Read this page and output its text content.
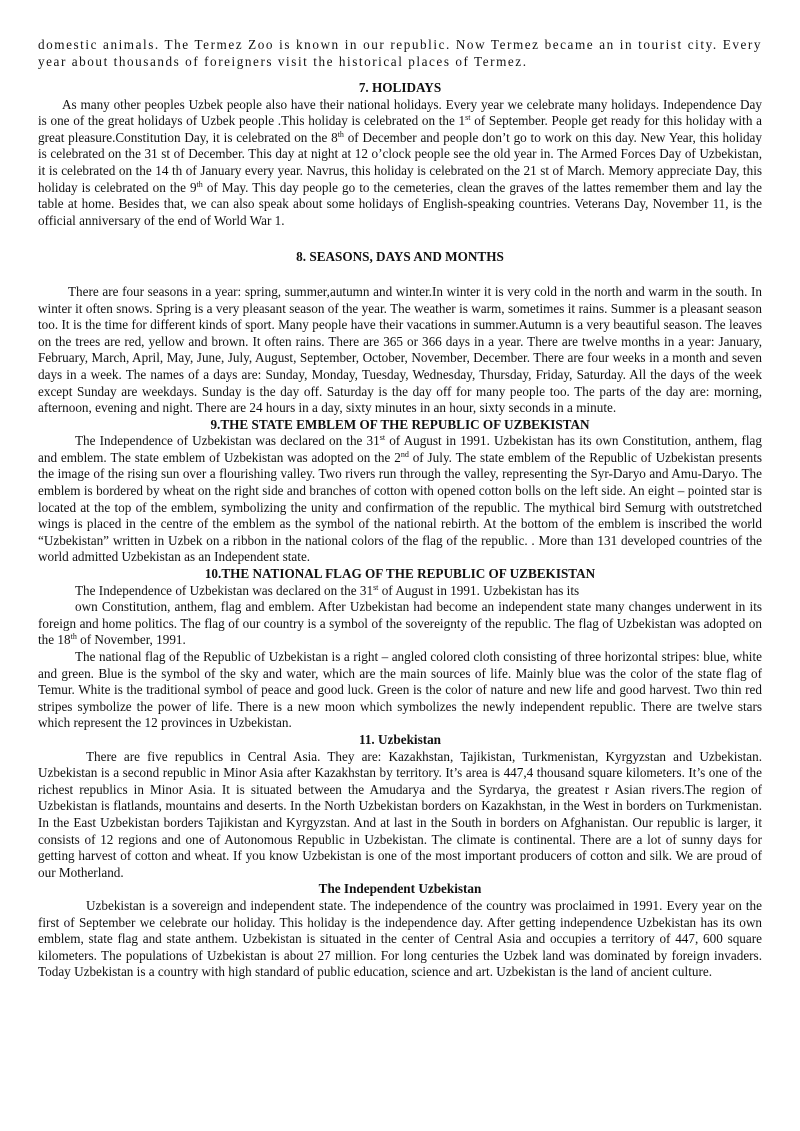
domestic animals. The Termez Zoo is known in our republic. Now Termez became an in tourist city. Every year about thousands of foreigners visit the historical places of Termez.

7. HOLIDAYS

As many other peoples Uzbek people also have their national holidays. Every year we celebrate many holidays. Independence Day is one of the great holidays of Uzbek people .This holiday is celebrated on the 1st of September. People get ready for this holiday with a great pleasure.Constitution Day, it is celebrated on the 8th of December and people don’t go to work on this day. New Year, this holiday is celebrated on the 31 st of December. This day at night at 12 o’clock people see the old year in. The Armed Forces Day of Uzbekistan, it is celebrated on the 14 th of January every year. Navrus, this holiday is celebrated on the 21 st of March. Memory appreciate Day, this holiday is celebrated on the 9th of May. This day people go to the cemeteries, clean the graves of the lattes remember them and lay the table at home. Besides that, we can also speak about some holidays of English-speaking countries. Veterans Day, November 11, is the official anniversary of the end of World War 1.

8. SEASONS, DAYS AND MONTHS

There are four seasons in a year: spring, summer,autumn and winter.In winter it is very cold in the north and warm in the south. In winter it often snows. Spring is a very pleasant season of the year. The weather is warm, sometimes it rains. Summer is a pleasant season too. It is the time for different kinds of sport. Many people have their vacations in summer.Autumn is a very beautiful season. The leaves on the trees are red, yellow and brown. It often rains. There are 365 or 366 days in a year. There are twelve months in a year: January, February, March, April, May, June, July, August, September, October, November, December. There are four weeks in a month and seven days in a week. The names of a days are: Sunday, Monday, Tuesday, Wednesday, Thursday, Friday, Saturday. All the days of the week except Sunday are weekdays. Sunday is the day off. Saturday is the day off for many people too. The parts of the day are: morning, afternoon, evening and night. There are 24 hours in a day, sixty minutes in an hour, sixty seconds in a minute.

9.THE STATE EMBLEM OF THE REPUBLIC OF UZBEKISTAN

The Independence of Uzbekistan was declared on the 31st of August in 1991. Uzbekistan has its own Constitution, anthem, flag and emblem. The state emblem of Uzbekistan was adopted on the 2nd of July. The state emblem of the Republic of Uzbekistan presents the image of the rising sun over a flourishing valley. Two rivers run through the valley, representing the Syr-Daryo and Amu-Daryo. The emblem is bordered by wheat on the right side and branches of cotton with opened cotton bolls on the left side. An eight – pointed star is located at the top of the emblem, symbolizing the unity and confirmation of the republic. The mythical bird Semurg with outstretched wings is placed in the centre of the emblem as the symbol of the national rebirth. At the bottom of the emblem is inscribed the world “Uzbekistan” written in Uzbek on a ribbon in the national colors of the flag of the republic. . More than 131 developed countries of the world admitted Uzbekistan as an Independent state.

10.THE NATIONAL FLAG OF THE REPUBLIC OF UZBEKISTAN

The Independence of Uzbekistan was declared on the 31st of August in 1991. Uzbekistan has its

own Constitution, anthem, flag and emblem. After Uzbekistan had become an independent state many changes underwent in its foreign and home politics. The flag of our country is a symbol of the sovereignty of the republic. The flag of Uzbekistan was adopted on the 18th of November, 1991.

The national flag of the Republic of Uzbekistan is a right – angled colored cloth consisting of three horizontal stripes: blue, white and green. Blue is the symbol of the sky and water, which are the main sources of life. Mainly blue was the color of the state flag of Temur. White is the traditional symbol of peace and good luck. Green is the color of nature and new life and good harvest. Two thin red stripes symbolize the power of life. There is a new moon which symbolizes the newly independent republic. There are twelve stars which represent the 12 provinces in Uzbekistan.

11. Uzbekistan

There are five republics in Central Asia. They are: Kazakhstan, Tajikistan, Turkmenistan, Kyrgyzstan and Uzbekistan. Uzbekistan is a second republic in Minor Asia after Kazakhstan by territory. It’s area is 447,4 thousand square kilometers. It’s one of the richest republics in Minor Asia. It is situated between the Amudarya and the Syrdarya, the greatest r Asian rivers.The region of Uzbekistan is flatlands, mountains and deserts. In the North Uzbekistan borders on Kazakhstan, in the West in borders on Turkmenistan. In the East Uzbekistan borders Tajikistan and Kyrgyzstan. And at last in the South in borders on Afghanistan. Our republic is larger, it consists of 12 regions and one of Autonomous Republic in Uzbekistan. The climate is continental. There are a lot of sunny days for getting harvest of cotton and wheat. If you know Uzbekistan is one of the most important producers of cotton and silk. We are proud of our Motherland.

The Independent Uzbekistan

Uzbekistan is a sovereign and independent state. The independence of the country was proclaimed in 1991. Every year on the first of September we celebrate our holiday. This holiday is the independence day. After getting independence Uzbekistan has its own emblem, state flag and state anthem. Uzbekistan is situated in the center of Central Asia and occupies a territory of 447, 600 square kilometers. The populations of Uzbekistan is about 27 million. For long centuries the Uzbek land was dominated by foreign invaders. Today Uzbekistan is a country with high standard of public education, science and art. Uzbekistan is the land of ancient culture.
